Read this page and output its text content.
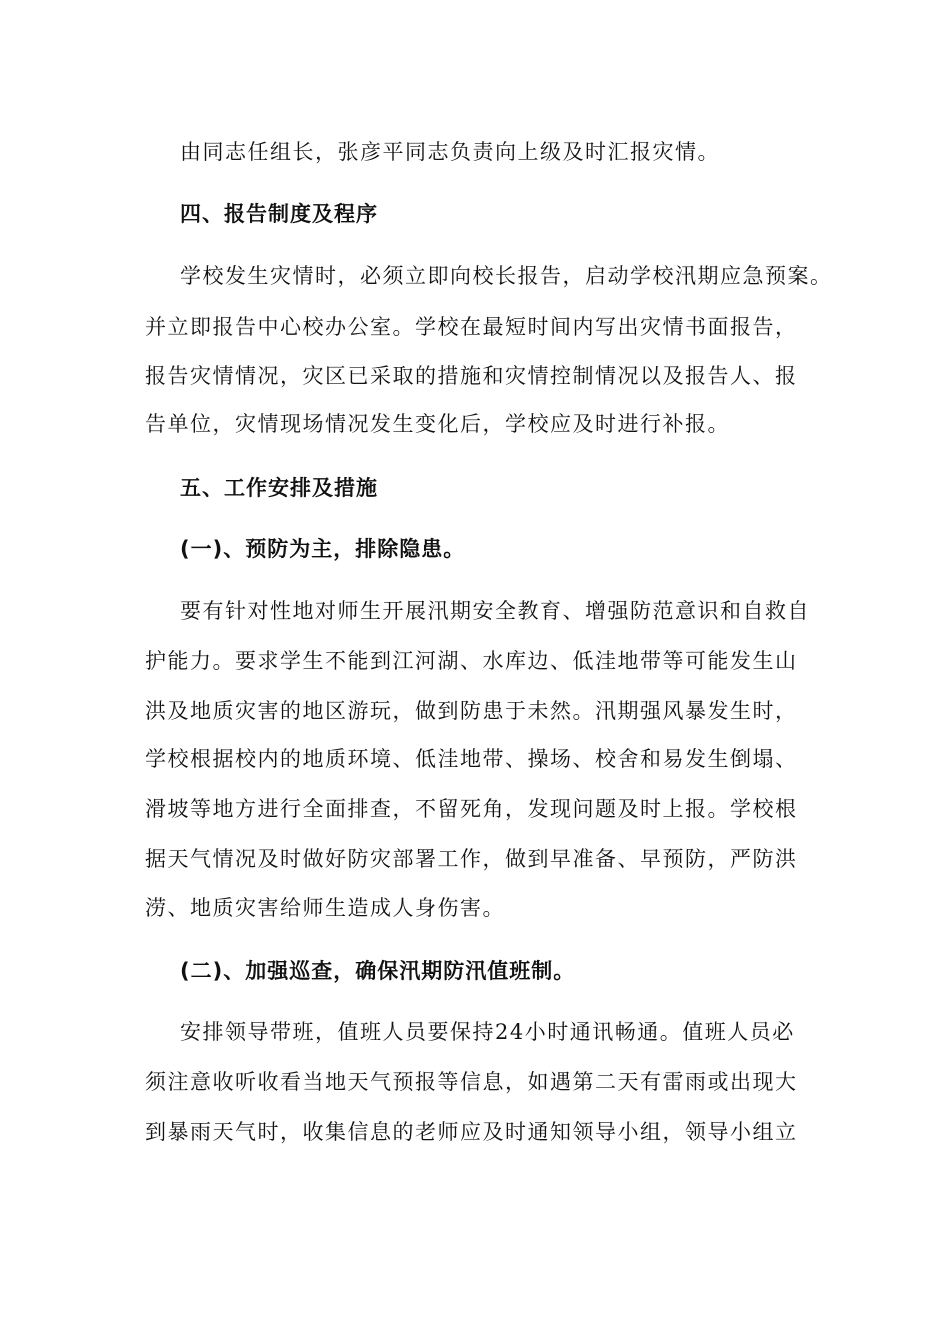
由同志任组长，张彦平同志负责向上级及时汇报灾情。
四、报告制度及程序
学校发生灾情时，必须立即向校长报告，启动学校汛期应急预案。
并立即报告中心校办公室。学校在最短时间内写出灾情书面报告，
报告灾情情况，灾区已采取的措施和灾情控制情况以及报告人、报
告单位，灾情现场情况发生变化后，学校应及时进行补报。
五、工作安排及措施
(一)、预防为主，排除隐患。
要有针对性地对师生开展汛期安全教育、增强防范意识和自救自
护能力。要求学生不能到江河湖、水库边、低洼地带等可能发生山
洪及地质灾害的地区游玩，做到防患于未然。汛期强风暴发生时，
学校根据校内的地质环境、低洼地带、操场、校舍和易发生倒塌、
滑坡等地方进行全面排查，不留死角，发现问题及时上报。学校根
据天气情况及时做好防灾部署工作，做到早准备、早预防，严防洪
涝、地质灾害给师生造成人身伤害。
(二)、加强巡查，确保汛期防汛值班制。
安排领导带班，值班人员要保持24小时通讯畅通。值班人员必
须注意收听收看当地天气预报等信息，如遇第二天有雷雨或出现大
到暴雨天气时，收集信息的老师应及时通知领导小组，领导小组立
